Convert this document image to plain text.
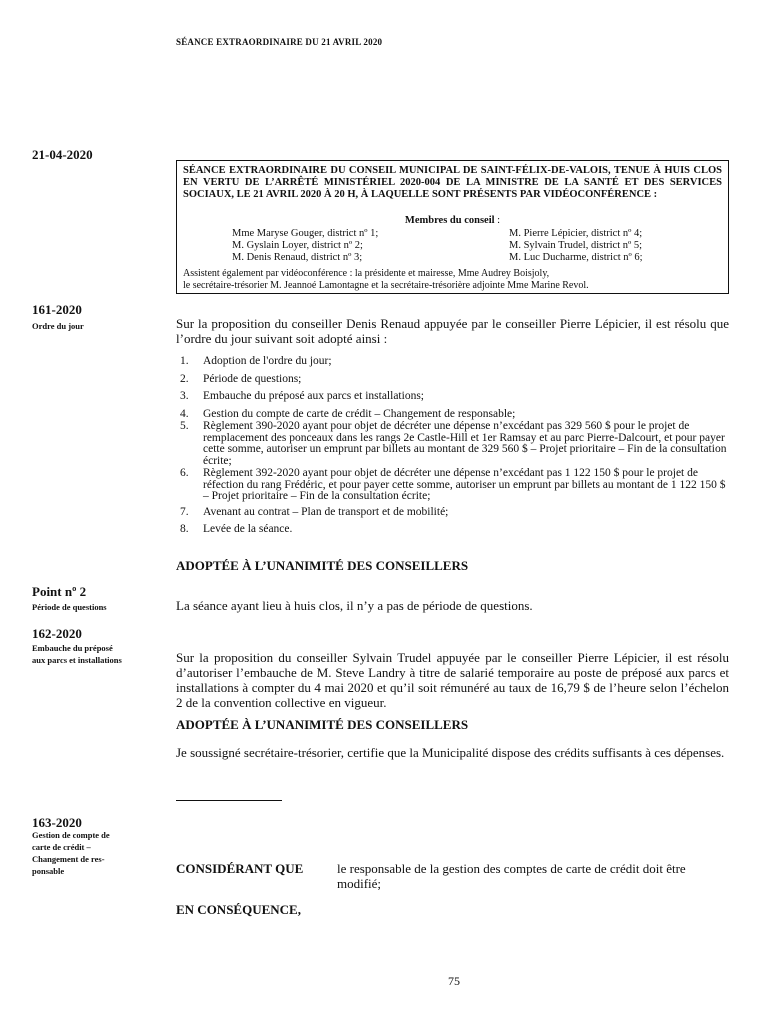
SÉANCE EXTRAORDINAIRE DU 21 AVRIL 2020
21-04-2020
161-2020
Ordre du jour
Point nº 2
Période de questions
162-2020
Embauche du préposé
aux parcs et installations
163-2020
Gestion de compte de
carte de crédit –
Changement de res-
ponsable
SÉANCE EXTRAORDINAIRE DU CONSEIL MUNICIPAL DE SAINT-FÉLIX-DE-VALOIS, TENUE À HUIS CLOS EN VERTU DE L’ARRÊTÉ MINISTÉRIEL 2020-004 DE LA MINISTRE DE LA SANTÉ ET DES SERVICES SOCIAUX, LE 21 AVRIL 2020 À 20 H, À LAQUELLE SONT PRÉSENTS PAR VIDÉOCONFÉRENCE :
Membres du conseil :
Mme Maryse Gouger, district nº 1;
M. Gyslain Loyer, district nº 2;
M. Denis Renaud, district nº 3;
M. Pierre Lépicier, district nº 4;
M. Sylvain Trudel, district nº 5;
M. Luc Ducharme, district nº 6;
Assistent également par vidéoconférence : la présidente et mairesse, Mme Audrey Boisjoly,
le secrétaire-trésorier M. Jeannoé Lamontagne et la secrétaire-trésorière adjointe Mme Marine Revol.
Sur la proposition du conseiller Denis Renaud appuyée par le conseiller Pierre Lépicier, il est résolu que l’ordre du jour suivant soit adopté ainsi :
1. Adoption de l'ordre du jour;
2. Période de questions;
3. Embauche du préposé aux parcs et installations;
4. Gestion du compte de carte de crédit – Changement de responsable;
5. Règlement 390-2020 ayant pour objet de décréter une dépense n’excédant pas 329 560 $ pour le projet de remplacement des ponceaux dans les rangs 2e Castle-Hill et 1er Ramsay et au parc Pierre-Dalcourt, et pour payer cette somme, autoriser un emprunt par billets au montant de 329 560 $ – Projet prioritaire – Fin de la consultation écrite;
6. Règlement 392-2020 ayant pour objet de décréter une dépense n’excédant pas 1 122 150 $ pour le projet de réfection du rang Frédéric, et pour payer cette somme, autoriser un emprunt par billets au montant de 1 122 150 $ – Projet prioritaire – Fin de la consultation écrite;
7. Avenant au contrat – Plan de transport et de mobilité;
8. Levée de la séance.
ADOPTÉE À L’UNANIMITÉ DES CONSEILLERS
La séance ayant lieu à huis clos, il n’y a pas de période de questions.
Sur la proposition du conseiller Sylvain Trudel appuyée par le conseiller Pierre Lépicier, il est résolu d’autoriser l’embauche de M. Steve Landry à titre de salarié temporaire au poste de préposé aux parcs et installations à compter du 4 mai 2020 et qu’il soit rémunéré au taux de 16,79 $ de l’heure selon l’échelon 2 de la convention collective en vigueur.
ADOPTÉE À L’UNANIMITÉ DES CONSEILLERS
Je soussigné secrétaire-trésorier, certifie que la Municipalité dispose des crédits suffisants à ces dépenses.
CONSIDÉRANT QUE	le responsable de la gestion des comptes de carte de crédit doit être modifié;
EN CONSÉQUENCE,
75
